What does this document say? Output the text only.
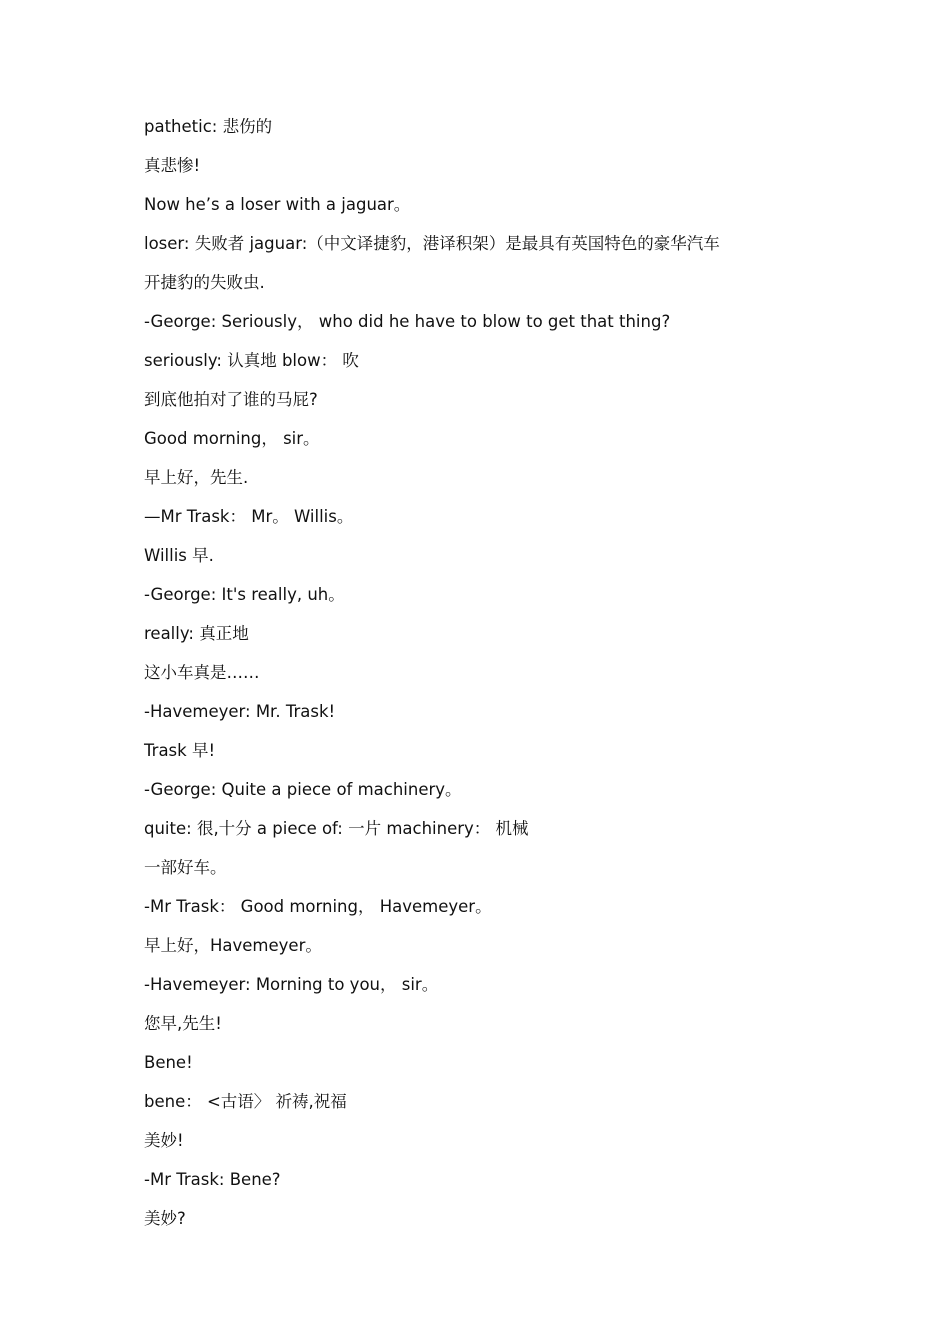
pathetic: 悲伤的
真悲惨!
Now he’s a loser with a jaguar。
loser: 失败者 jaguar:（中文译捷豹，港译积架）是最具有英国特色的豪华汽车
开捷豹的失败虫.
-George: Seriously， who did he have to blow to get that thing?
seriously: 认真地 blow： 吹
到底他拍对了谁的马屁?
Good morning， sir。
早上好，先生.
—Mr Trask： Mr。 Willis。
Willis 早.
-George: It's really, uh。
really: 真正地
这小车真是……
-Havemeyer: Mr. Trask!
Trask 早!
-George: Quite a piece of machinery。
quite: 很,十分 a piece of: 一片 machinery： 机械
一部好车。
-Mr Trask： Good morning， Havemeyer。
早上好，Havemeyer。
-Havemeyer: Morning to you， sir。
您早,先生!
Bene!
bene： <古语〉 祈祷,祝福
美妙!
-Mr Trask: Bene?
美妙?
